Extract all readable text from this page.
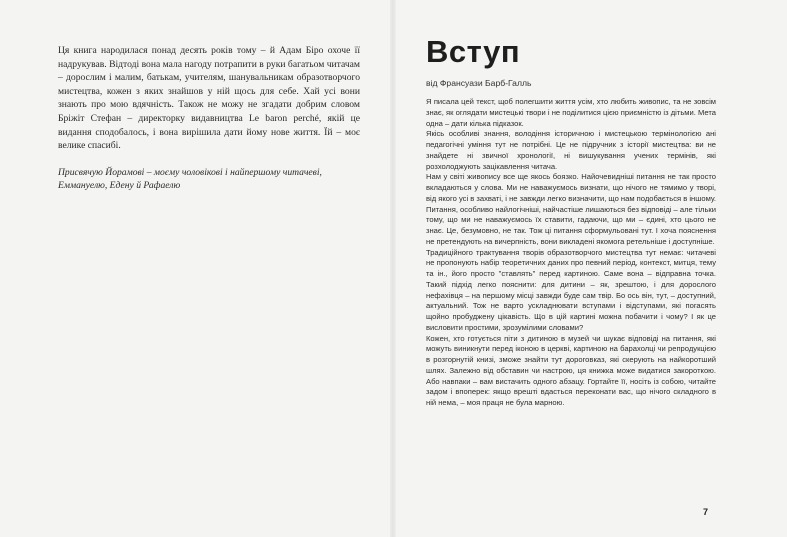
Ця книга народилася понад десять років тому – й Адам Біро охоче її надрукував. Відтоді вона мала нагоду потрапити в руки багатьом читачам – дорослим і малим, батькам, учителям, шанувальникам образотворчого мистецтва, кожен з яких знайшов у ній щось для себе. Хай усі вони знають про мою вдячність. Також не можу не згадати добрим словом Бріжіт Стефан – директорку видавництва Le baron perché, якій це видання сподобалось, і вона вирішила дати йому нове життя. Їй – моє велике спасибі.

Присвячую Йорамові – моєму чоловікові і найпершому читачеві, Еммануелю, Едену й Рафаелю

Вступ
від Франсуази Барб-Галль

Я писала цей текст, щоб полегшити життя усім, хто любить живопис, та не зовсім знає, як оглядати мистецькі твори і не поділитися цією приємністю із дітьми. Мета одна – дати кілька підказок.

Якісь особливі знання, володіння історичною і мистецькою термінологією ані педагогічні уміння тут не потрібні. Це не підручник з історії мистецтва: ви не знайдете ні звичної хронології, ні вишукування учених термінів, які розхолоджують зацікавлення читача.

Нам у світі живопису все ще якось боязко. Найочевидніші питання не так просто вкладаються у слова. Ми не наважуємось визнати, що нічого не тямимо у творі, від якого усі в захваті, і не завжди легко визначити, що нам подобається в іншому. Питання, особливо найлогічніші, найчастіше лишаються без відповіді – але тільки тому, що ми не наважуємось їх ставити, гадаючи, що ми – єдині, хто цього не знає. Це, безумовно, не так. Тож ці питання сформульовані тут. І хоча пояснення не претендують на вичерпність, вони викладені якомога ретельніше і доступніше.

Традиційного трактування творів образотворчого мистецтва тут немає: читачеві не пропонують набір теоретичних даних про певний період, контекст, митця, тему та ін., його просто "ставлять" перед картиною. Саме вона – відправна точка. Такий підхід легко пояснити: для дитини – як, зрештою, і для дорослого нефахівця – на першому місці завжди буде сам твір. Бо ось він, тут, – доступний, актуальний. Тож не варто ускладнювати вступами і відступами, які погасять щойно пробуджену цікавість. Що в цій картині можна побачити і чому? І як це висловити простими, зрозумілими словами?

Кожен, хто готується піти з дитиною в музей чи шукає відповіді на питання, які можуть виникнути перед іконою в церкві, картиною на барахолці чи репродукцією в розгорнутій книзі, зможе знайти тут дороговказ, які скерують на найкоротший шлях. Залежно від обставин чи настрою, ця книжка може видатися закороткою. Або навпаки – вам вистачить одного абзацу. Гортайте її, носіть із собою, читайте задом і впоперек: якщо врешті вдасться переконати вас, що нічого складного в ній нема, – моя праця не була марною.

7
